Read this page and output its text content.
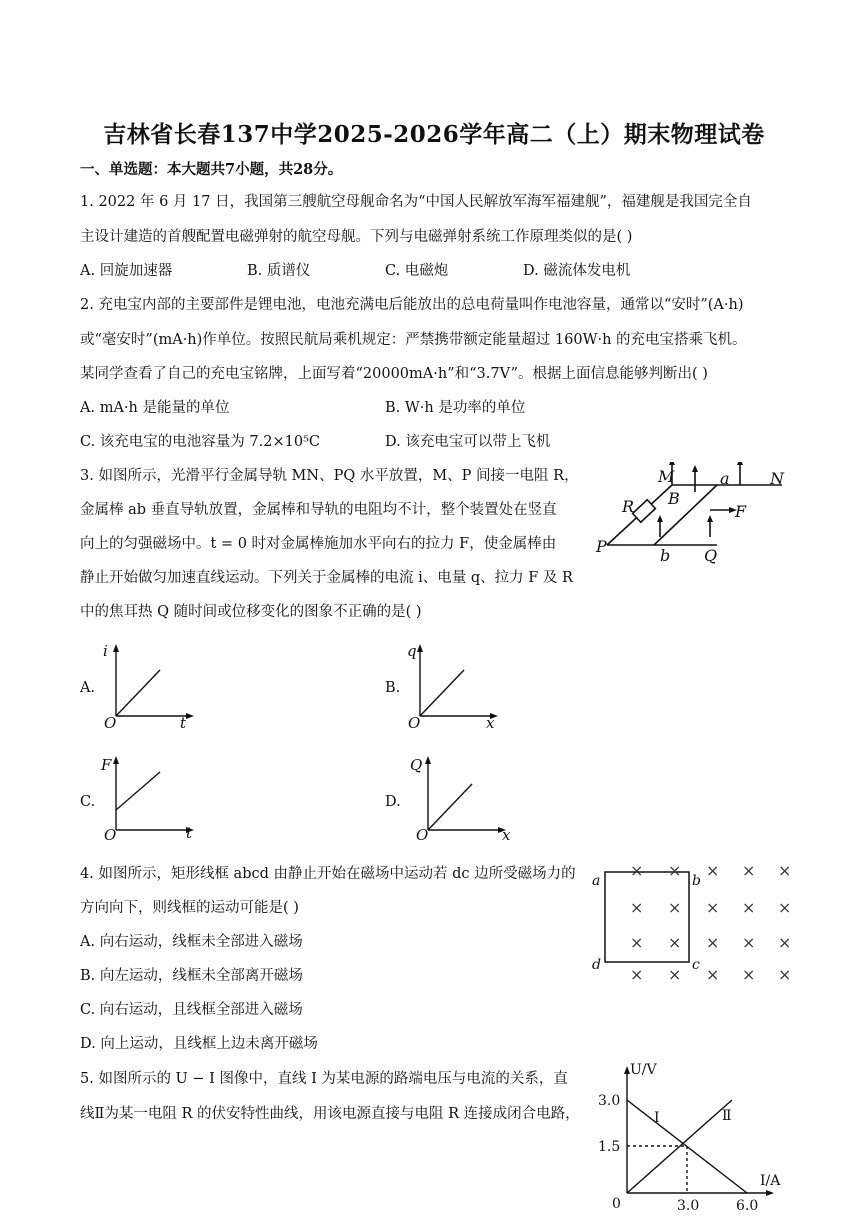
吉林省长春137中学2025-2026学年高二（上）期末物理试卷
一、单选题：本大题共7小题，共28分。
1. 2022 年 6 月 17 日，我国第三艘航空母舰命名为“中国人民解放军海军福建舰”，福建舰是我国完全自
主设计建造的首艘配置电磁弹射的航空母舰。下列与电磁弹射系统工作原理类似的是( )
A. 回旋加速器	B. 质谱仪	C. 电磁炮	D. 磁流体发电机
2. 充电宝内部的主要部件是锂电池，电池充满电后能放出的总电荷量叫作电池容量，通常以“安时”(A·h)
或“毫安时”(mA·h)作单位。按照民航局乘机规定：严禁携带额定能量超过 160W·h 的充电宝搭乘飞机。
某同学查看了自己的充电宝铭牌，上面写着“20000mA·h”和“3.7V”。根据上面信息能够判断出( )
A. mA·h 是能量的单位	B. W·h 是功率的单位
C. 该充电宝的电池容量为 7.2×10⁵C	D. 该充电宝可以带上飞机
3. 如图所示，光滑平行金属导轨 MN、PQ 水平放置，M、P 间接一电阻 R，
金属棒 ab 垂直导轨放置，金属棒和导轨的电阻均不计，整个装置处在竖直
向上的匀强磁场中。t = 0 时对金属棒施加水平向右的拉力 F，使金属棒由
静止开始做匀加速直线运动。下列关于金属棒的电流 i、电量 q、拉力 F 及 R
中的焦耳热 Q 随时间或位移变化的图象不正确的是( )
M	a	N
B
R	F
P	b Q
A.
i
t
O
B.
q
x
O
C.
F
t
O
D.
Q
x
O
4. 如图所示，矩形线框 abcd 由静止开始在磁场中运动若 dc 边所受磁场力的
方向向下，则线框的运动可能是( )
A. 向右运动，线框未全部进入磁场
B. 向左运动，线框未全部离开磁场
C. 向右运动，且线框全部进入磁场
D. 向上运动，且线框上边未离开磁场
a	b
c
d
× × × × ×
× × × × ×
× × × × ×
× × × × ×
5. 如图所示的 U − I 图像中，直线 I 为某电源的路端电压与电流的关系，直
线Ⅱ为某一电阻 R 的伏安特性曲线，用该电源直接与电阻 R 连接成闭合电路，
U/V
I/A
3.0
1.5
0	3.0	6.0
I	Ⅱ
